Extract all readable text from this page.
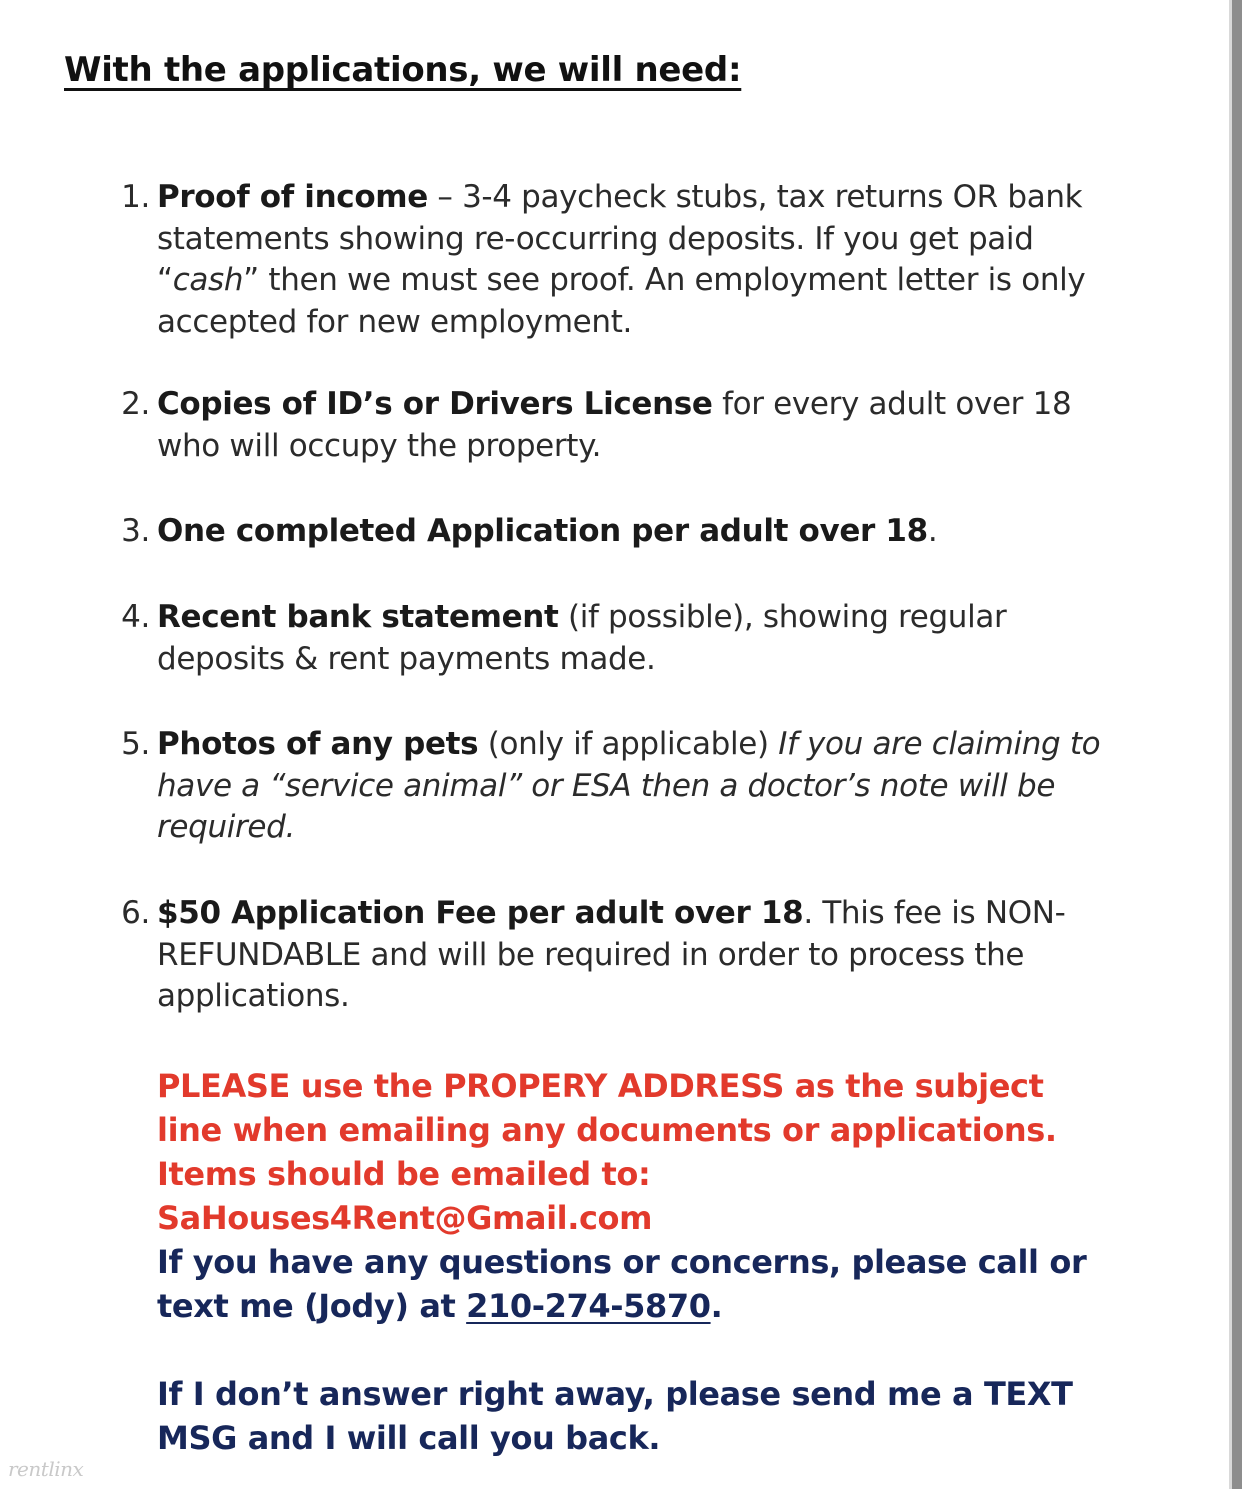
With the applications, we will need:
1. Proof of income – 3-4 paycheck stubs, tax returns OR bank statements showing re-occurring deposits. If you get paid “cash” then we must see proof. An employment letter is only accepted for new employment.
2. Copies of ID’s or Drivers License for every adult over 18 who will occupy the property.
3. One completed Application per adult over 18.
4. Recent bank statement (if possible), showing regular deposits & rent payments made.
5. Photos of any pets (only if applicable) If you are claiming to have a “service animal” or ESA then a doctor’s note will be required.
6. $50 Application Fee per adult over 18. This fee is NON-REFUNDABLE and will be required in order to process the applications.
PLEASE use the PROPERY ADDRESS as the subject line when emailing any documents or applications. Items should be emailed to: SaHouses4Rent@Gmail.com
If you have any questions or concerns, please call or text me (Jody) at 210-274-5870.
If I don’t answer right away, please send me a TEXT MSG and I will call you back.
rentlinx
